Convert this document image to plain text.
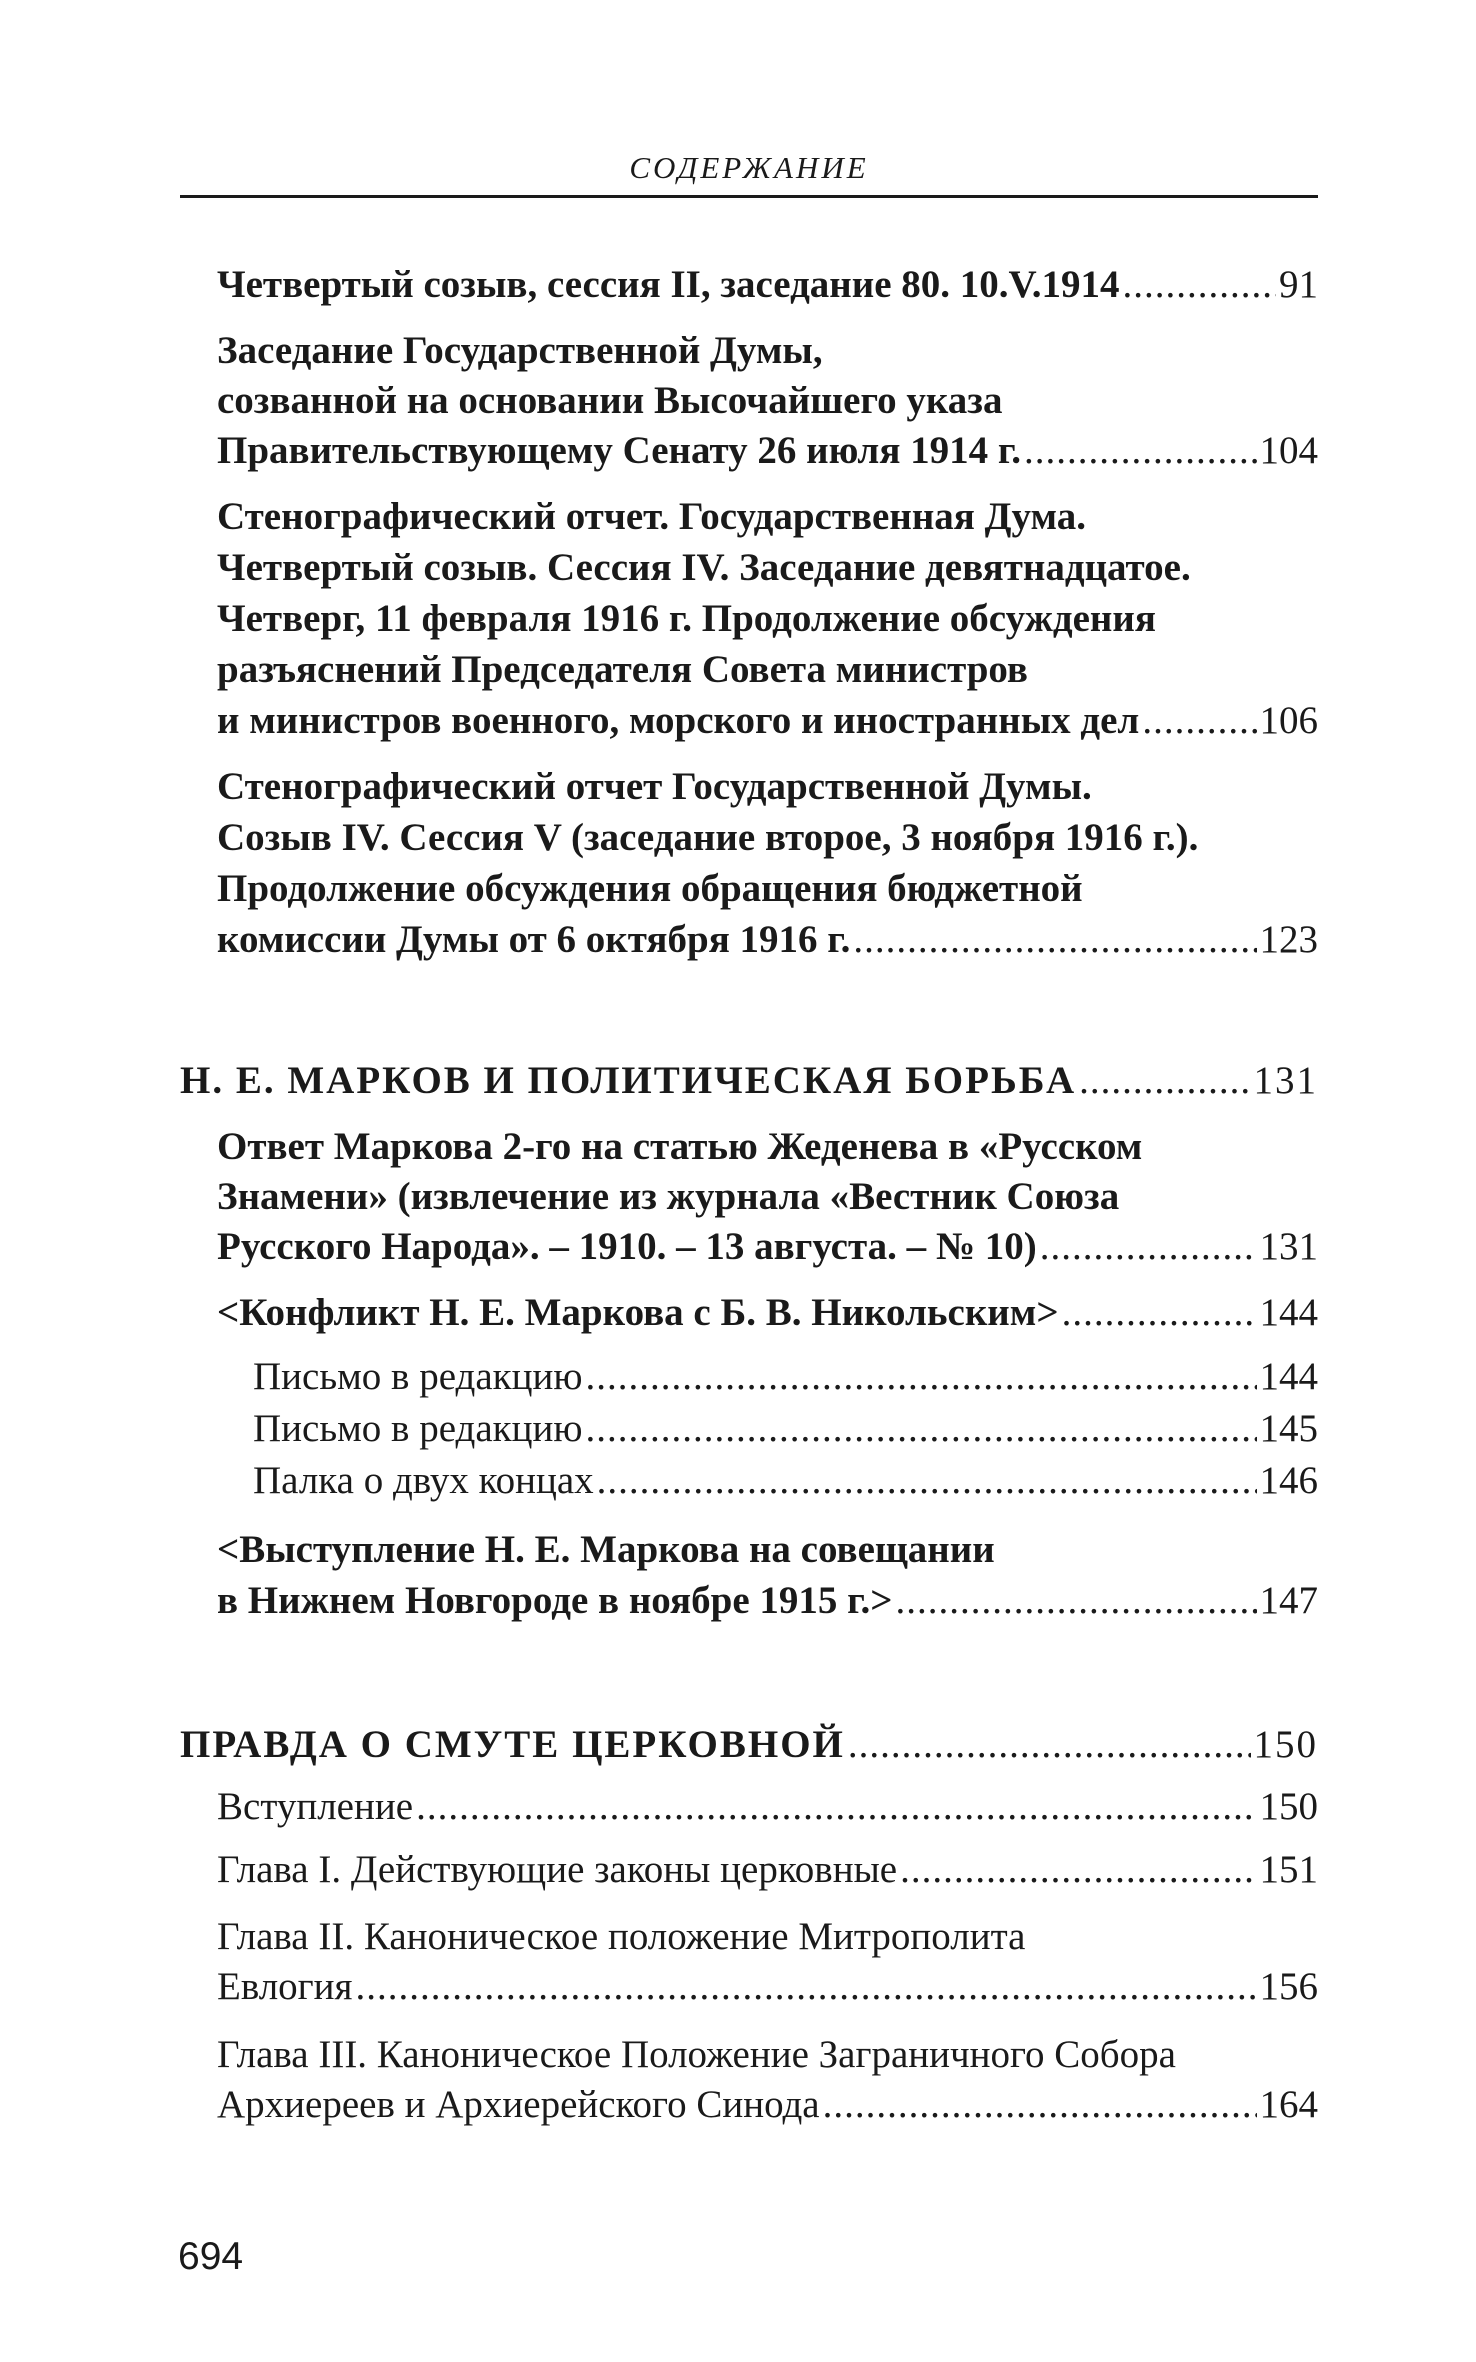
СОДЕРЖАНИЕ
Четвертый созыв, сессия II, заседание 80. 10.V.1914 .....	91
Заседание Государственной Думы,
созванной на основании Высочайшего указа
Правительствующему Сенату 26 июля 1914 г. .....	104
Стенографический отчет. Государственная Дума.
Четвертый созыв. Сессия IV. Заседание девятнадцатое.
Четверг, 11 февраля 1916 г. Продолжение обсуждения
разъяснений Председателя Совета министров
и министров военного, морского и иностранных дел .....	106
Стенографический отчет Государственной Думы.
Созыв IV. Сессия V (заседание второе, 3 ноября 1916 г.).
Продолжение обсуждения обращения бюджетной
комиссии Думы от 6 октября 1916 г. .....	123
Н. Е. МАРКОВ И ПОЛИТИЧЕСКАЯ БОРЬБА .....	131
Ответ Маркова 2-го на статью Жеденева в «Русском
Знамени» (извлечение из журнала «Вестник Союза
Русского Народа». – 1910. – 13 августа. – № 10) .....	131
<Конфликт Н. Е. Маркова с Б. В. Никольским> .....	144
Письмо в редакцию .....	144
Письмо в редакцию .....	145
Палка о двух концах .....	146
<Выступление Н. Е. Маркова на совещании
в Нижнем Новгороде в ноябре 1915 г.> .....	147
ПРАВДА О СМУТЕ ЦЕРКОВНОЙ .....	150
Вступление .....	150
Глава I. Действующие законы церковные .....	151
Глава II. Каноническое положение Митрополита
Евлогия .....	156
Глава III. Каноническое Положение Заграничного Собора
Архиереев и Архиерейского Синода .....	164
694
